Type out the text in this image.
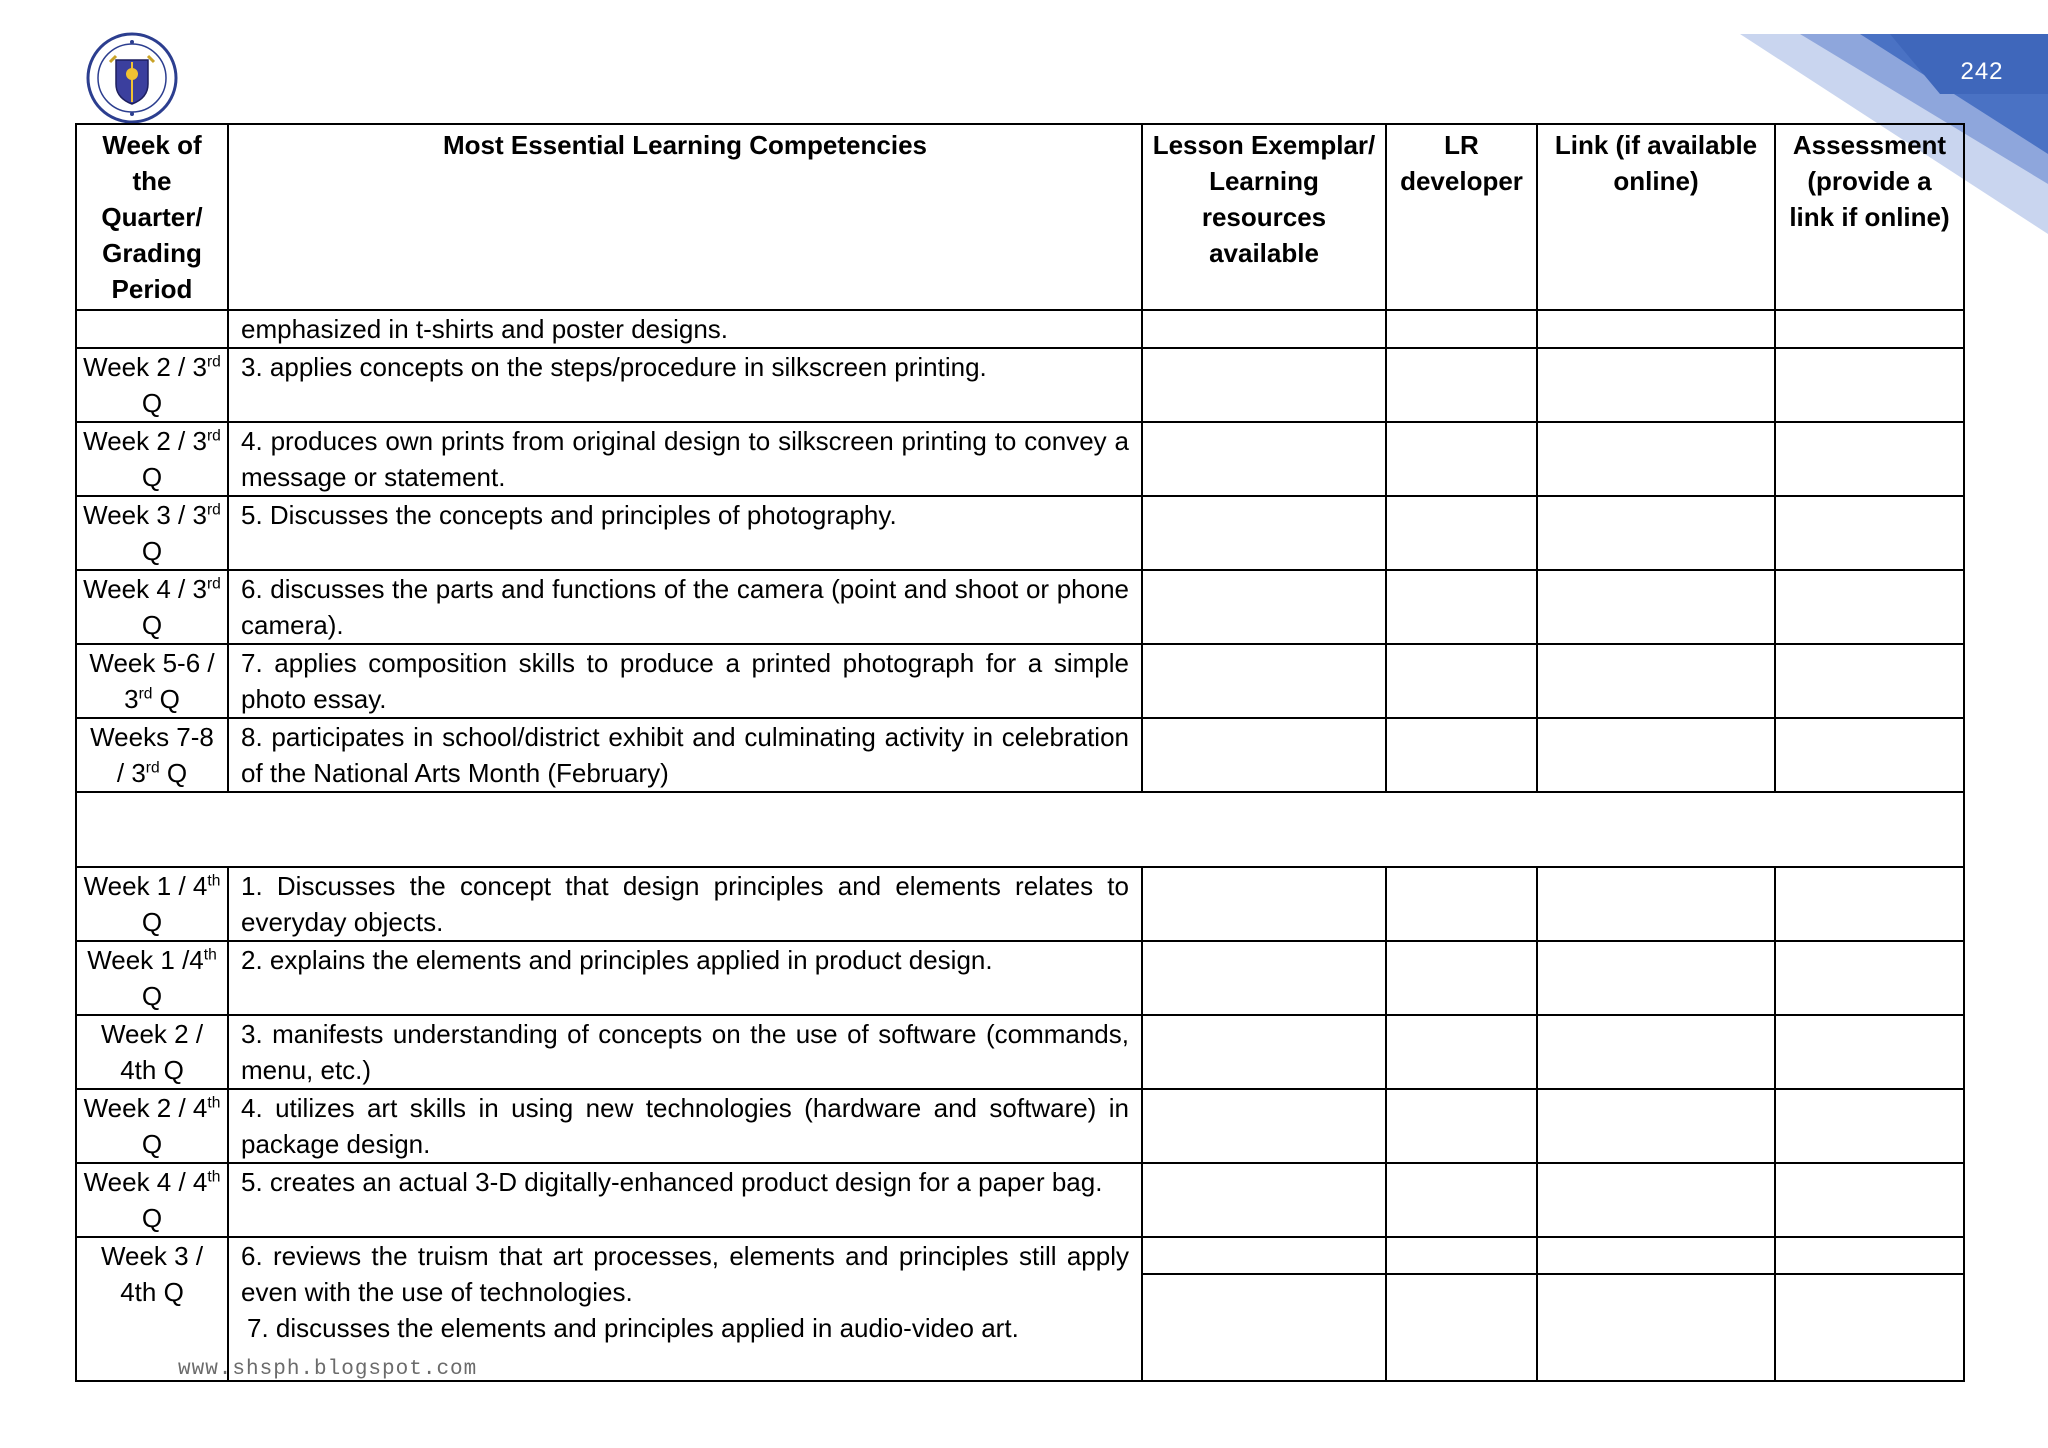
242
Week of the Quarter/ Grading Period	Most Essential Learning Competencies	Lesson Exemplar/ Learning resources available	LR developer	Link (if available online)	Assessment (provide a link if online)
	emphasized in t-shirts and poster designs.				
Week 2 / 3rd Q	3. applies concepts on the steps/procedure in silkscreen printing.				
Week 2 / 3rd Q	4. produces own prints from original design to silkscreen printing to convey a message or statement.				
Week 3 / 3rd Q	5. Discusses the concepts and principles of photography.				
Week 4 / 3rd Q	6. discusses the parts and functions of the camera (point and shoot or phone camera).				
Week 5-6 / 3rd Q	7. applies composition skills to produce a printed photograph for a simple photo essay.				
Weeks 7-8 / 3rd Q	8. participates in school/district exhibit and culminating activity in celebration of the National Arts Month (February)				

Week 1 / 4th Q	1. Discusses the concept that design principles and elements relates to everyday objects.				
Week 1 /4th Q	2. explains the elements and principles applied in product design.				
Week 2 / 4th Q	3. manifests understanding of concepts on the use of software (commands, menu, etc.)				
Week 2 / 4th Q	4. utilizes art skills in using new technologies (hardware and software) in package design.				
Week 4 / 4th Q	5. creates an actual 3-D digitally-enhanced product design for a paper bag.				
Week 3 / 4th Q	6. reviews the truism that art processes, elements and principles still apply even with the use of technologies.
7. discusses the elements and principles applied in audio-video art.				

www.shsph.blogspot.com
